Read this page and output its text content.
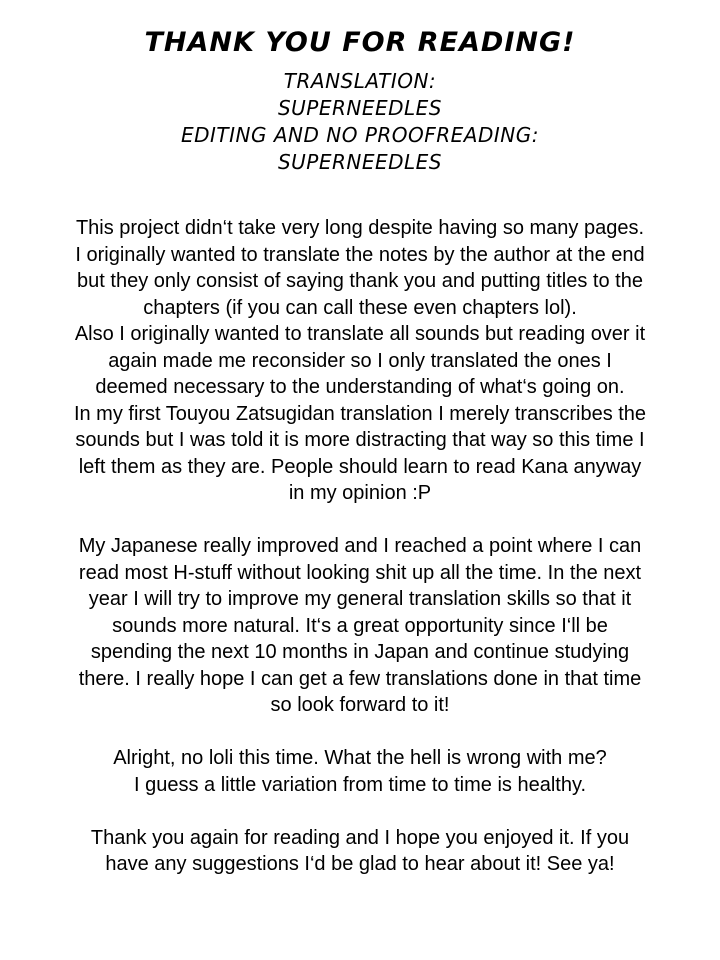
THANK YOU FOR READING!
TRANSLATION:
SUPERNEEDLES
EDITING AND NO PROOFREADING:
SUPERNEEDLES
This project didn‘t take very long despite having so many pages.
I originally wanted to translate the notes by the author at the end
but they only consist of saying thank you and putting titles to the
chapters (if you can call these even chapters lol).
Also I originally wanted to translate all sounds but reading over it
again made me reconsider so I only translated the ones I
deemed necessary to the understanding of what‘s going on.
In my first Touyou Zatsugidan translation I merely transcribes the
sounds but I was told it is more distracting that way so this time I
left them as they are. People should learn to read Kana anyway
in my opinion :P
My Japanese really improved and I reached a point where I can
read most H-stuff without looking shit up all the time. In the next
year I will try to improve my general translation skills so that it
sounds more natural. It‘s a great opportunity since I‘ll be
spending the next 10 months in Japan and continue studying
there. I really hope I can get a few translations done in that time
so look forward to it!
Alright, no loli this time. What the hell is wrong with me?
I guess a little variation from time to time is healthy.
Thank you again for reading and I hope you enjoyed it. If you
have any suggestions I‘d be glad to hear about it! See ya!
